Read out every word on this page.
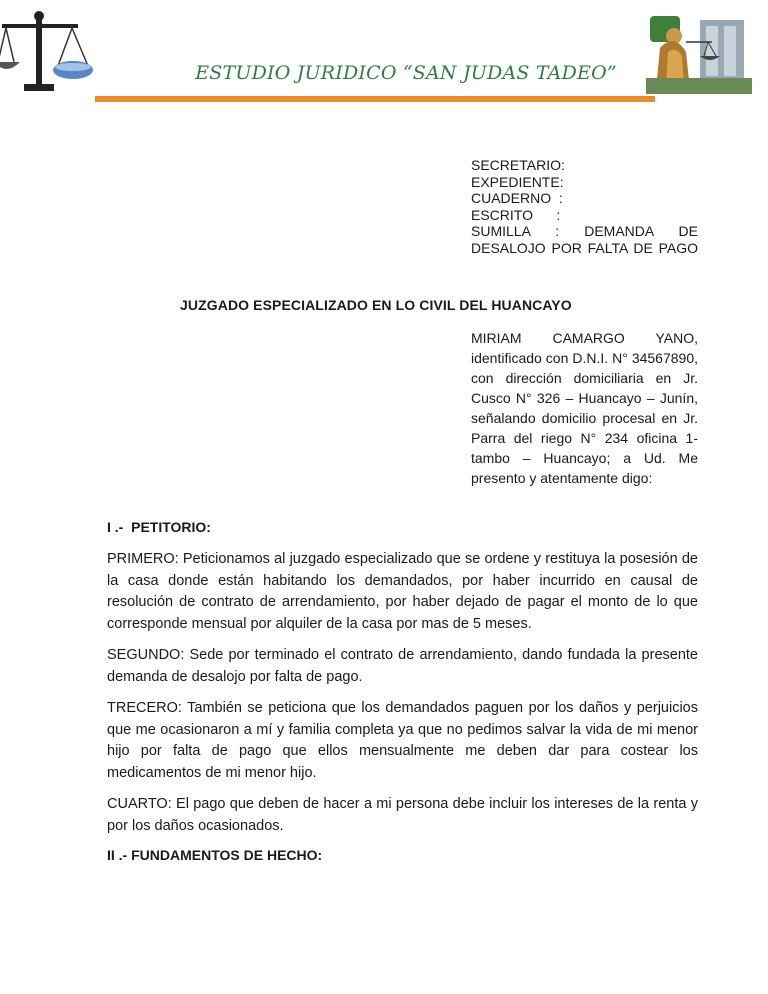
ESTUDIO JURIDICO “SAN JUDAS TADEO”
SECRETARIO:
EXPEDIENTE:
CUADERNO  :
ESCRITO      :
SUMILLA : DEMANDA DE DESALOJO POR FALTA DE PAGO
JUZGADO ESPECIALIZADO EN LO CIVIL DEL HUANCAYO
MIRIAM CAMARGO YANO, identificado con D.N.I. N° 34567890, con dirección domiciliaria en Jr. Cusco N° 326 – Huancayo – Junín, señalando domicilio procesal en Jr. Parra del riego N° 234 oficina 1- tambo – Huancayo; a Ud. Me presento y atentamente digo:
I .-  PETITORIO:

PRIMERO: Peticionamos al juzgado especializado que se ordene y restituya la posesión de la casa donde están habitando los demandados, por haber incurrido en causal de resolución de contrato de arrendamiento, por haber dejado de pagar el monto de lo que corresponde mensual por alquiler de la casa por mas de 5 meses.

SEGUNDO: Sede por terminado el contrato de arrendamiento, dando fundada la presente demanda de desalojo por falta de pago.

TRECERO: También se peticiona que los demandados paguen por los daños y perjuicios que me ocasionaron a mí y familia completa ya que no pedimos salvar la vida de mi menor hijo por falta de pago que ellos mensualmente me deben dar para costear los medicamentos de mi menor hijo.

CUARTO: El pago que deben de hacer a mi persona debe incluir los intereses de la renta y por los daños ocasionados.

II .- FUNDAMENTOS DE HECHO:
